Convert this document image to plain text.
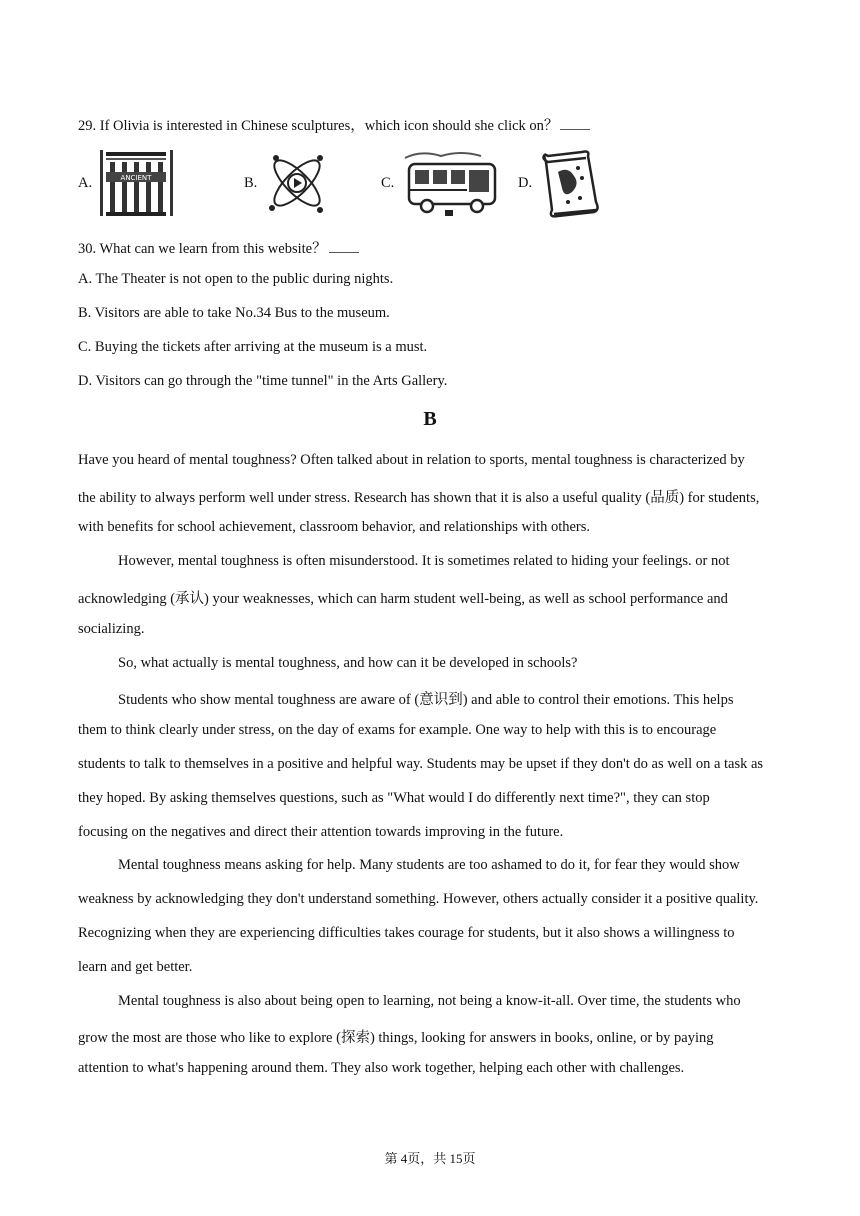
29. If Olivia is interested in Chinese sculptures，which icon should she click on？
A.	ANCIENT	B.	C.	D.
30. What can we learn from this website？
A. The Theater is not open to the public during nights.
B. Visitors are able to take No.34 Bus to the museum.
C. Buying the tickets after arriving at the museum is a must.
D. Visitors can go through the "time tunnel" in the Arts Gallery.
B
Have you heard of mental toughness? Often talked about in relation to sports, mental toughness is characterized by
the ability to always perform well under stress. Research has shown that it is also a useful quality (品质) for students,
with benefits for school achievement, classroom behavior, and relationships with others.
However, mental toughness is often misunderstood. It is sometimes related to hiding your feelings. or not
acknowledging (承认) your weaknesses, which can harm student well-being, as well as school performance and
socializing.
So, what actually is mental toughness, and how can it be developed in schools?
Students who show mental toughness are aware of (意识到) and able to control their emotions. This helps
them to think clearly under stress, on the day of exams for example. One way to help with this is to encourage
students to talk to themselves in a positive and helpful way. Students may be upset if they don't do as well on a task as
they hoped. By asking themselves questions, such as "What would I do differently next time?", they can stop
focusing on the negatives and direct their attention towards improving in the future.
Mental toughness means asking for help. Many students are too ashamed to do it, for fear they would show
weakness by acknowledging they don't understand something. However, others actually consider it a positive quality.
Recognizing when they are experiencing difficulties takes courage for students, but it also shows a willingness to
learn and get better.
Mental toughness is also about being open to learning, not being a know-it-all. Over time, the students who
grow the most are those who like to explore (探索) things, looking for answers in books, online, or by paying
attention to what's happening around them. They also work together, helping each other with challenges.
第 4页，共 15页
